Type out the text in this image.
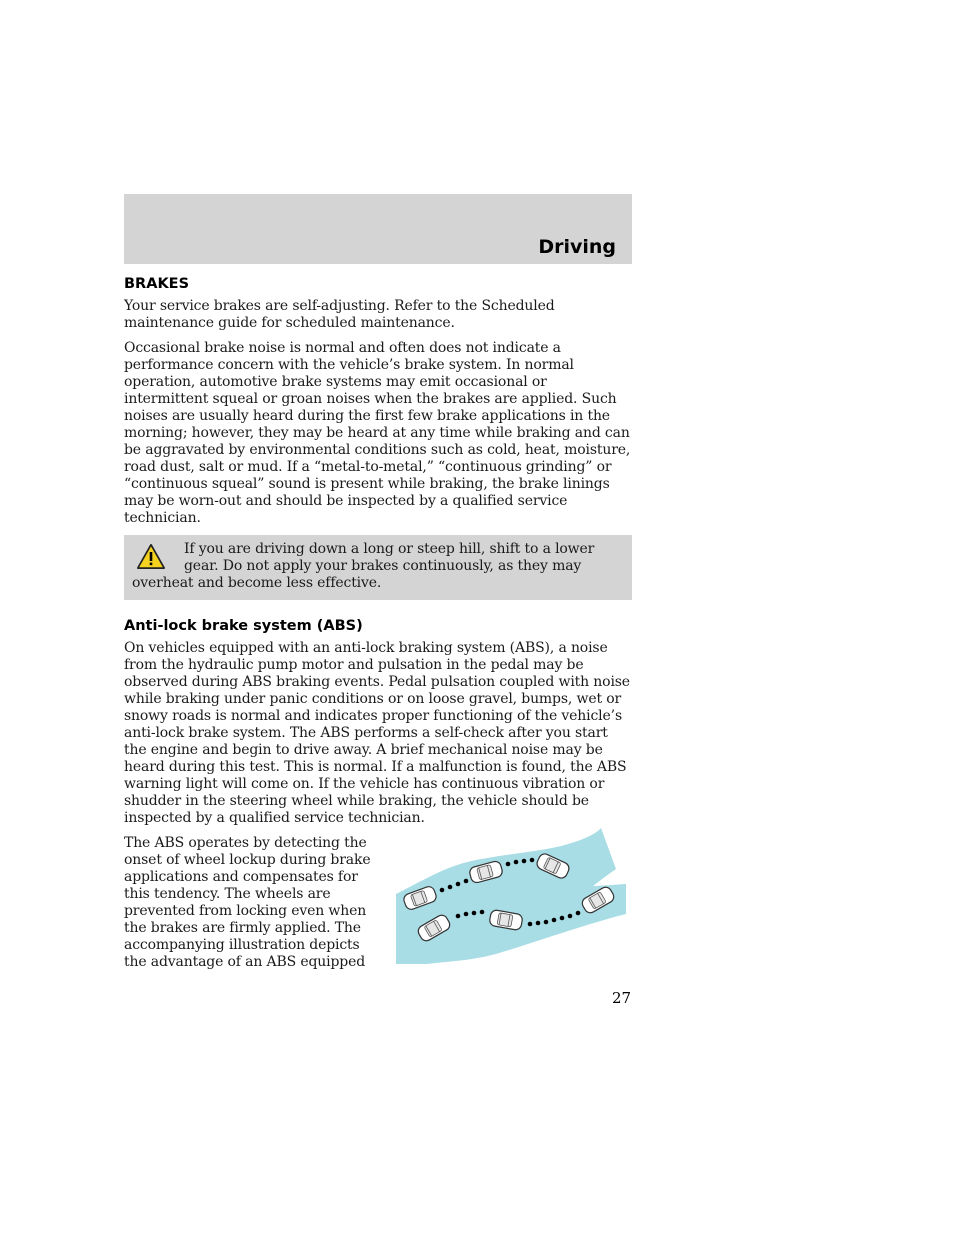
Driving
BRAKES

Your service brakes are self-adjusting. Refer to the Scheduled maintenance guide for scheduled maintenance.

Occasional brake noise is normal and often does not indicate a performance concern with the vehicle’s brake system. In normal operation, automotive brake systems may emit occasional or intermittent squeal or groan noises when the brakes are applied. Such noises are usually heard during the first few brake applications in the morning; however, they may be heard at any time while braking and can be aggravated by environmental conditions such as cold, heat, moisture, road dust, salt or mud. If a “metal-to-metal,” “continuous grinding” or “continuous squeal” sound is present while braking, the brake linings may be worn-out and should be inspected by a qualified service technician.

If you are driving down a long or steep hill, shift to a lower gear. Do not apply your brakes continuously, as they may overheat and become less effective.

Anti-lock brake system (ABS)

On vehicles equipped with an anti-lock braking system (ABS), a noise from the hydraulic pump motor and pulsation in the pedal may be observed during ABS braking events. Pedal pulsation coupled with noise while braking under panic conditions or on loose gravel, bumps, wet or snowy roads is normal and indicates proper functioning of the vehicle’s anti-lock brake system. The ABS performs a self-check after you start the engine and begin to drive away. A brief mechanical noise may be heard during this test. This is normal. If a malfunction is found, the ABS warning light will come on. If the vehicle has continuous vibration or shudder in the steering wheel while braking, the vehicle should be inspected by a qualified service technician.

The ABS operates by detecting the onset of wheel lockup during brake applications and compensates for this tendency. The wheels are prevented from locking even when the brakes are firmly applied. The accompanying illustration depicts the advantage of an ABS equipped

27
